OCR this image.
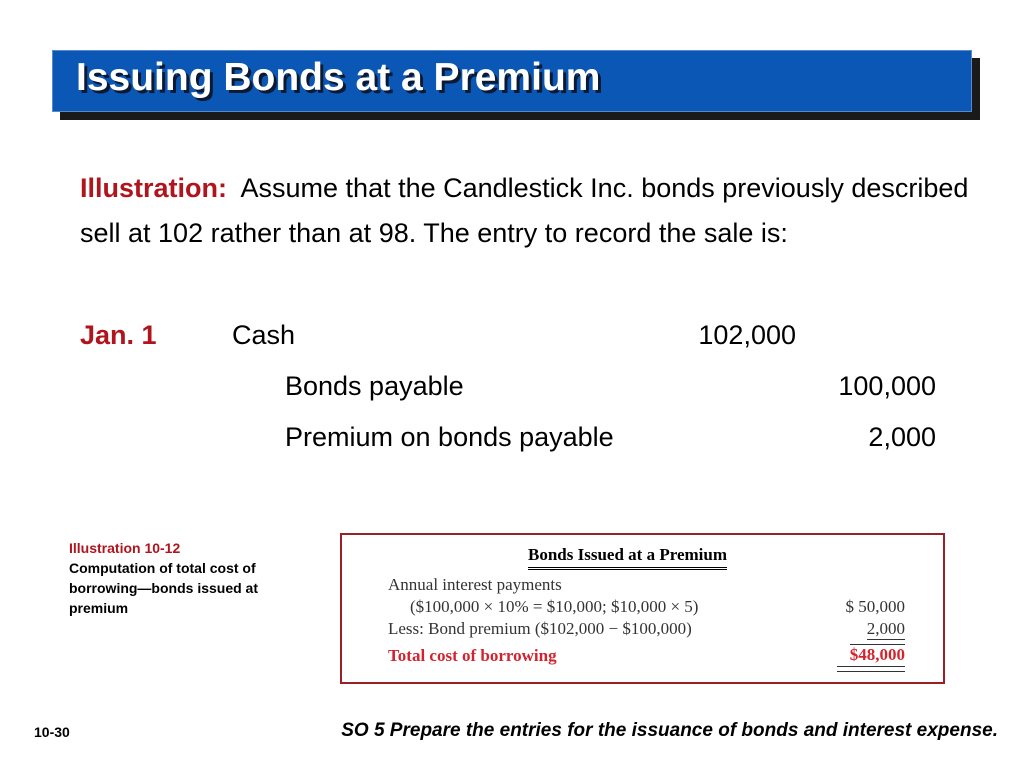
Issuing Bonds at a Premium
Illustration: Assume that the Candlestick Inc. bonds previously described sell at 102 rather than at 98. The entry to record the sale is:
Jan. 1	Cash	102,000
Bonds payable	100,000
Premium on bonds payable	2,000
Illustration 10-12
Computation of total cost of borrowing—bonds issued at premium
Bonds Issued at a Premium
Annual interest payments
($100,000 × 10% = $10,000; $10,000 × 5)	$ 50,000
Less: Bond premium ($102,000 − $100,000)	2,000
Total cost of borrowing	$48,000
10-30	SO 5 Prepare the entries for the issuance of bonds and interest expense.
